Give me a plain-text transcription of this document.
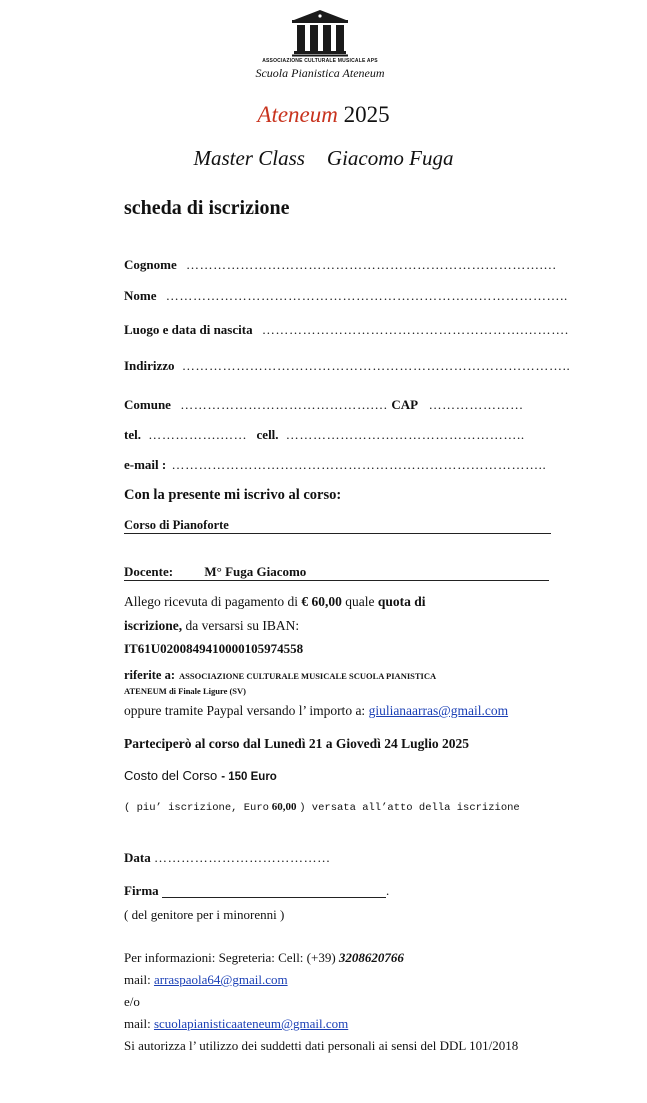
ASSOCIAZIONE CULTURALE MUSICALE APS
Scuola Pianistica Ateneum
Ateneum 2025
Master Class Giacomo Fuga
scheda di iscrizione
Cognome …………………………………………………………………….…
Nome ……………………………………………………………………………..
Luogo e data di nascita ………………………………………………….……….
Indirizzo …………………………………………………………………………..
Comune …………………………………….… CAP …………………
tel. …………….…… cell. ……………………………………………..
e-mail : ………………………………………………………………………..
Con la presente mi iscrivo al corso:
Corso di Pianoforte
Docente: M° Fuga Giacomo
Allego ricevuta di pagamento di € 60,00 quale quota di
iscrizione, da versarsi su IBAN:
IT61U0200849410000105974558
riferite a: ASSOCIAZIONE CULTURALE MUSICALE SCUOLA PIANISTICA
ATENEUM di Finale Ligure (SV)
oppure tramite Paypal versando l’ importo a: giulianaarras@gmail.com
Parteciperò al corso dal Lunedì 21 a Giovedì 24 Luglio 2025
Costo del Corso - 150 Euro
( piu’ iscrizione, Euro 60,00 ) versata all’atto della iscrizione
Data …………………………………
Firma	.
( del genitore per i minorenni )
Per informazioni: Segreteria: Cell: (+39) 3208620766
mail: arraspaola64@gmail.com
e/o
mail: scuolapianisticaateneum@gmail.com
Si autorizza l’ utilizzo dei suddetti dati personali ai sensi del DDL 101/2018
